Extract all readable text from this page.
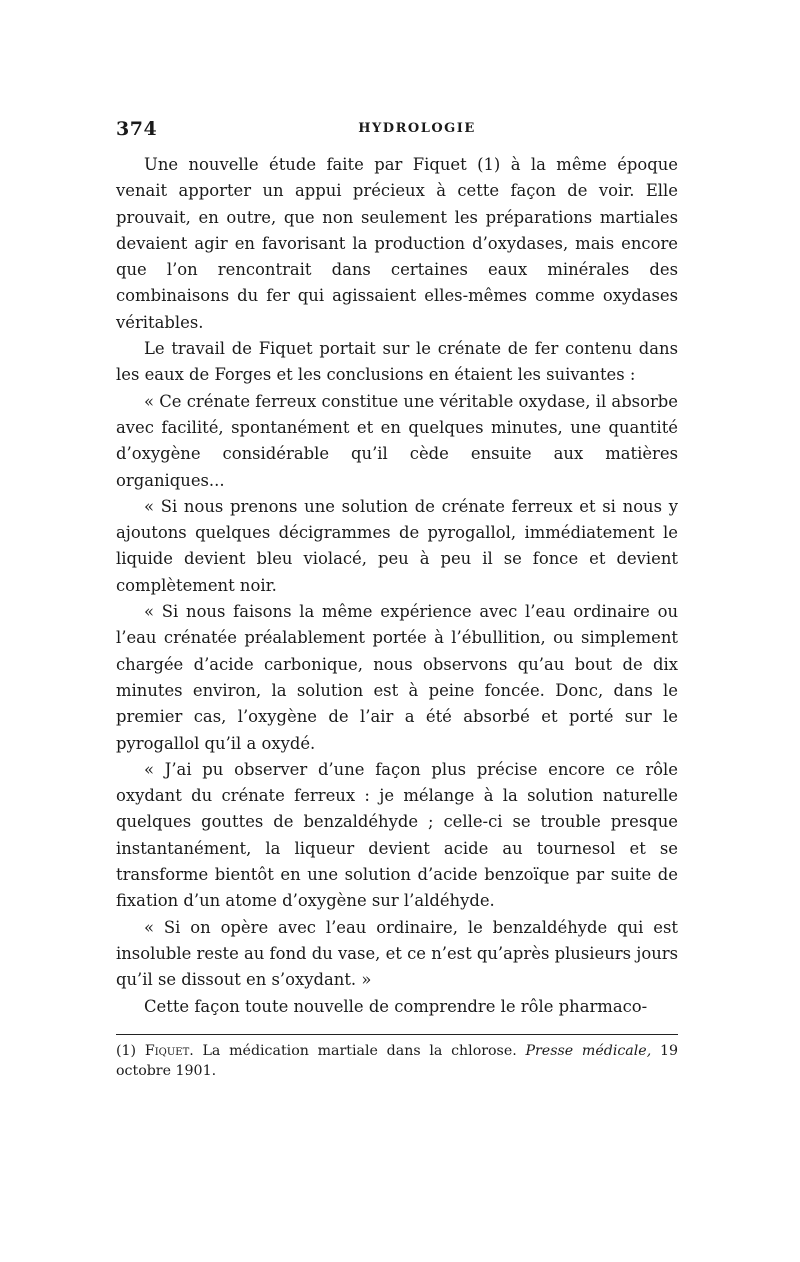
374	HYDROLOGIE

Une nouvelle étude faite par Fiquet (1) à la même époque venait apporter un appui précieux à cette façon de voir. Elle prouvait, en outre, que non seulement les préparations martiales devaient agir en favorisant la production d’oxydases, mais encore que l’on rencontrait dans certaines eaux minérales des combinaisons du fer qui agissaient elles-mêmes comme oxydases véritables.

Le travail de Fiquet portait sur le crénate de fer contenu dans les eaux de Forges et les conclusions en étaient les suivantes :

« Ce crénate ferreux constitue une véritable oxydase, il absorbe avec facilité, spontanément et en quelques minutes, une quantité d’oxygène considérable qu’il cède ensuite aux matières organiques...

« Si nous prenons une solution de crénate ferreux et si nous y ajoutons quelques décigrammes de pyrogallol, immédiatement le liquide devient bleu violacé, peu à peu il se fonce et devient complètement noir.

« Si nous faisons la même expérience avec l’eau ordinaire ou l’eau crénatée préalablement portée à l’ébullition, ou simplement chargée d’acide carbonique, nous observons qu’au bout de dix minutes environ, la solution est à peine foncée. Donc, dans le premier cas, l’oxygène de l’air a été absorbé et porté sur le pyrogallol qu’il a oxydé.

« J’ai pu observer d’une façon plus précise encore ce rôle oxydant du crénate ferreux : je mélange à la solution naturelle quelques gouttes de benzaldéhyde ; celle-ci se trouble presque instantanément, la liqueur devient acide au tournesol et se transforme bientôt en une solution d’acide benzoïque par suite de fixation d’un atome d’oxygène sur l’aldéhyde.

« Si on opère avec l’eau ordinaire, le benzaldéhyde qui est insoluble reste au fond du vase, et ce n’est qu’après plusieurs jours qu’il se dissout en s’oxydant. »

Cette façon toute nouvelle de comprendre le rôle pharmaco-

(1) Fiquet. La médication martiale dans la chlorose. Presse médicale, 19 octobre 1901.
